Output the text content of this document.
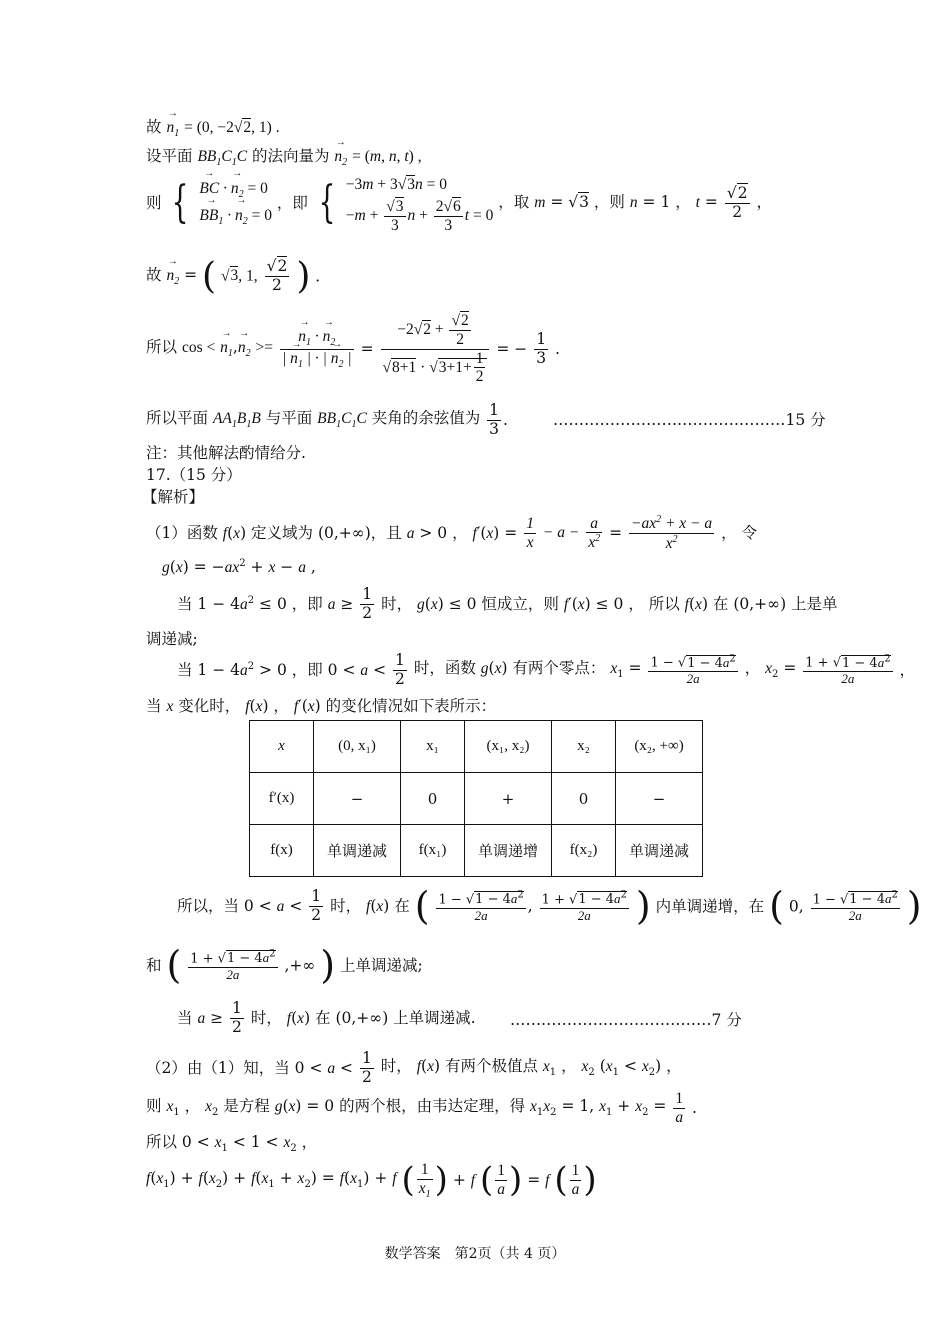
故 → $n_1 = (0$, −2√2, 1) .
设平面 $BB_1C_1C$ 的法向量为 → $n_2 = (m$, n, t) ,
则 { → BC · → $n_2 = 0$
→ $BB_1$ · → $n_2 = 0$
，即 { −3m + 3√3n = 0
$-m + \frac{√3}{3}$ $n + \frac{2√6}{3}$ t = 0
，取 m = √3 ，则 n = 1 ， $t = \frac{√2}{2}$ ，
故 → $n_2$ = ( √3, 1, $\frac{√2}{2}$ ) .
所以 cos < → $n_1,\to n_2$ >= → $\frac{n_1 \cdot \to n_2}{| \to n_1 | \cdot | \to n_2 |} = \frac{-2√2 + \frac{√2}{2}}{√8+1 \cdot √3+1+ \frac{1}{2}}$ = − $\frac{1}{3}$ .
所以平面 $AA_1B_1B$ 与平面 $BB_1C_1C$ 夹角的余弦值为 $\frac{1}{3}$ .	………………………………………15 分
注：其他解法酌情给分.
17.（15 分）
【解析】
（1）函数 f(x) 定义域为 (0,+∞)，且 a > 0 ， $f'(x) = \frac{1}{x} - a - \frac{a}{x^2} = \frac{-ax^2 + x - a}{x^2}$ ， 令
$g(x) = -ax^2 + x - a$ ,
当 $1 - 4a^2 \le 0$ ，即 $a \ge \frac{1}{2}$ 时， g(x) ≤ 0 恒成立，则 f′(x) ≤ 0 ， 所以 f(x) 在 (0,+∞) 上是单
调递减;
当 $1 - 4a^2 > 0$ ，即 $0 < a < \frac{1}{2}$ 时，函数 g(x) 有两个零点： $x_1 = \frac{1 - √1 - 4a^2}{2a}$ ， $x_2 = \frac{1 + √1 - 4a^2}{2a}$ ，
当 x 变化时， f(x) ， f′(x) 的变化情况如下表所示：
x	(0, x₁)	x₁	(x₁, x₂)	x₂	(x₂, +∞)
f′(x)	−	0	+	0	−
f(x)	单调递减	f(x₁)	单调递增	f(x₂)	单调递减
所以，当 $0 < a < \frac{1}{2}$ 时， f(x) 在 ( $\frac{1 - √1 - 4a^2}{2a}$ , $\frac{1 + √1 - 4a^2}{2a}$ ) 内单调递增，在 ( 0, $\frac{1 - √1 - 4a^2}{2a}$ )
和 ( $\frac{1 + √1 - 4a^2}{2a}$ ,+∞ ) 上单调递减;
当 $a \ge \frac{1}{2}$ 时， f(x) 在 (0,+∞) 上单调递减. …………………………………7 分
（2）由（1）知，当 $0 < a < \frac{1}{2}$ 时， f(x) 有两个极值点 $x_1$ ， $x_2$ $(x_1 < x_2)$ ，
则 $x_1$ ， $x_2$ 是方程 g(x) = 0 的两个根，由韦达定理，得 $x_1x_2 = 1$, $x_1 + x_2 = \frac{1}{a}$ .
所以 $0 < x_1 < 1 < x_2$ ，
$f(x_1) + f(x_2) + f(x_1 + x_2) = f(x_1) + f$ ( $\frac{1}{x_1}$ ) + f ( $\frac{1}{a}$ ) = f ( $\frac{1}{a}$ )
数学答案　第2页（共 4 页）
